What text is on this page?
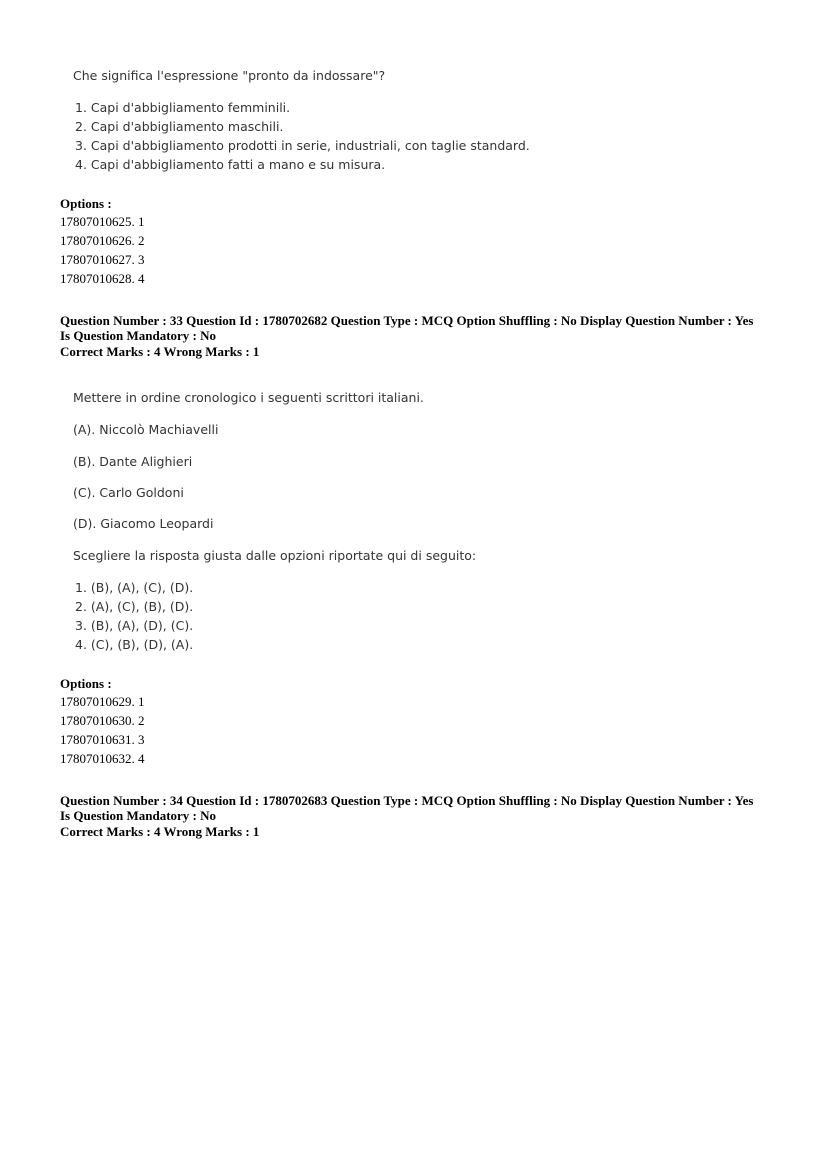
Che significa l'espressione "pronto da indossare"?
1. Capi d'abbigliamento femminili.
2. Capi d'abbigliamento maschili.
3. Capi d'abbigliamento prodotti in serie, industriali, con taglie standard.
4. Capi d'abbigliamento fatti a mano e su misura.
Options :
17807010625. 1
17807010626. 2
17807010627. 3
17807010628. 4
Question Number : 33 Question Id : 1780702682 Question Type : MCQ Option Shuffling : No Display Question Number : Yes Is Question Mandatory : No
Correct Marks : 4 Wrong Marks : 1
Mettere in ordine cronologico i seguenti scrittori italiani.
(A). Niccolò Machiavelli
(B). Dante Alighieri
(C). Carlo Goldoni
(D). Giacomo Leopardi
Scegliere la risposta giusta dalle opzioni riportate qui di seguito:
1. (B), (A), (C), (D).
2. (A), (C), (B), (D).
3. (B), (A), (D), (C).
4. (C), (B), (D), (A).
Options :
17807010629. 1
17807010630. 2
17807010631. 3
17807010632. 4
Question Number : 34 Question Id : 1780702683 Question Type : MCQ Option Shuffling : No Display Question Number : Yes Is Question Mandatory : No
Correct Marks : 4 Wrong Marks : 1
